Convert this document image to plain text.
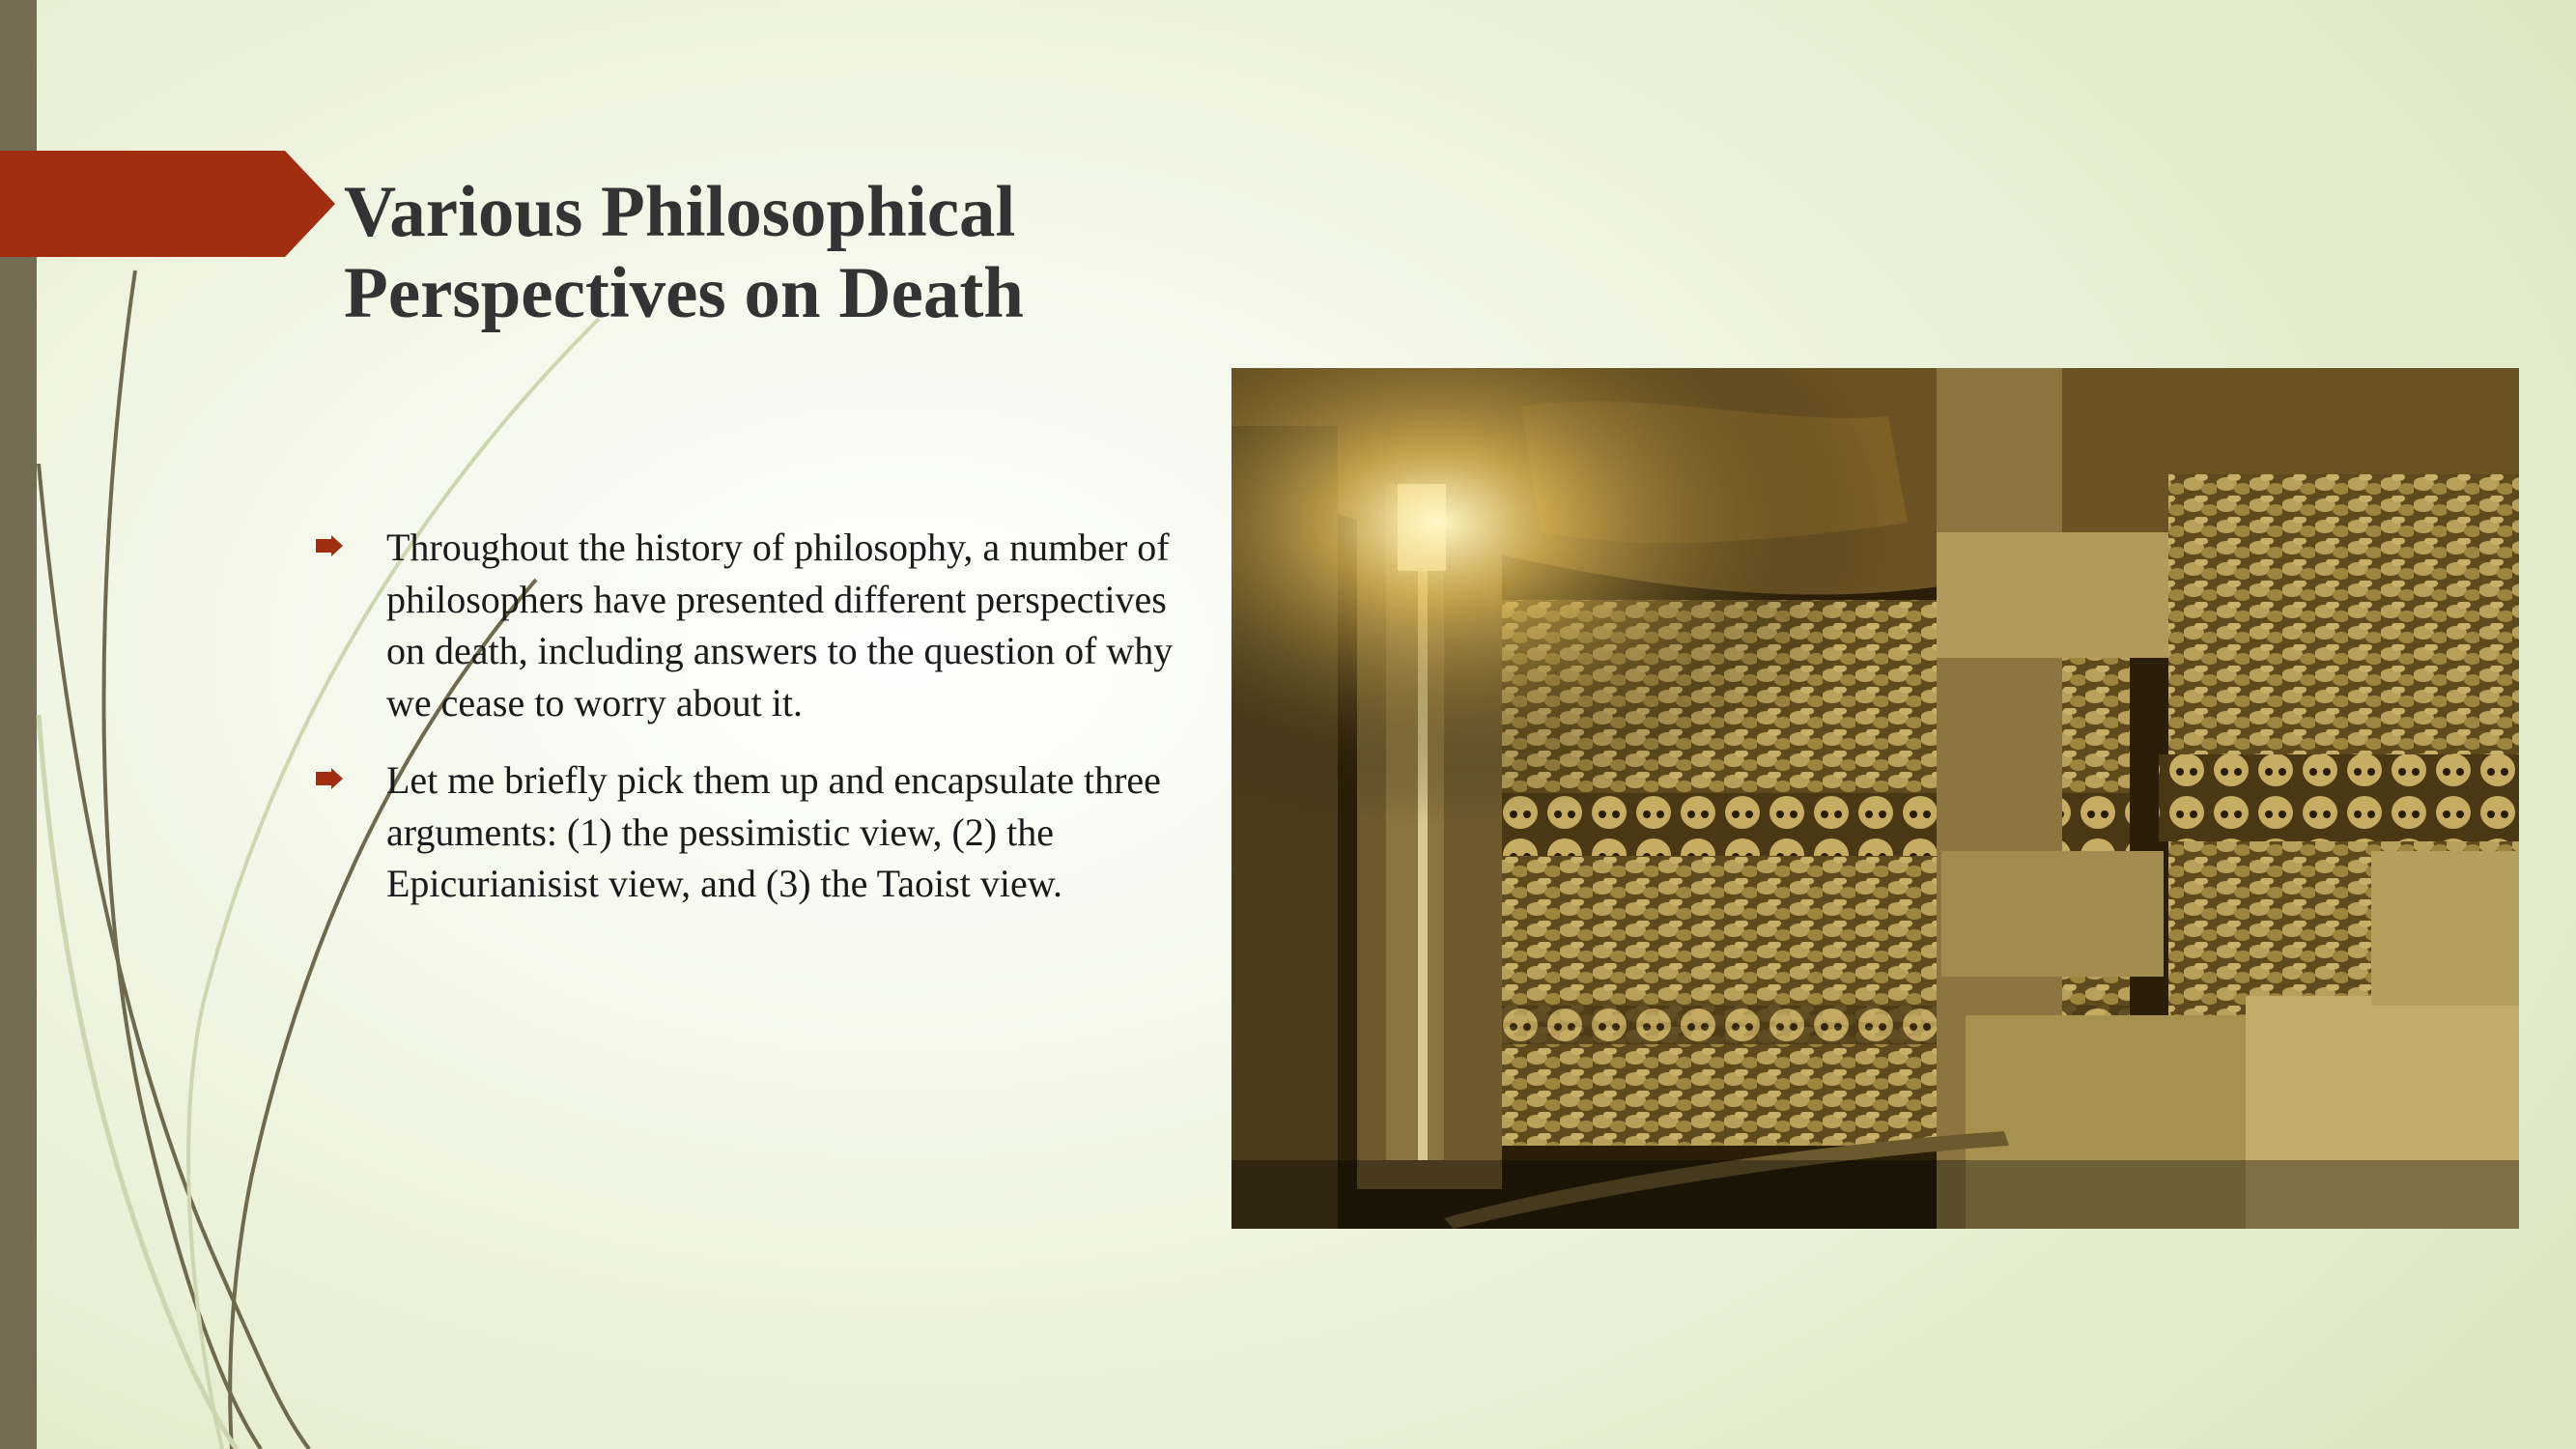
Various Philosophical
Perspectives on Death
Throughout the history of philosophy, a number of philosophers have presented different perspectives on death, including answers to the question of why we cease to worry about it.
Let me briefly pick them up and encapsulate three arguments: (1) the pessimistic view, (2) the Epicurianisist view, and (3) the Taoist view.
